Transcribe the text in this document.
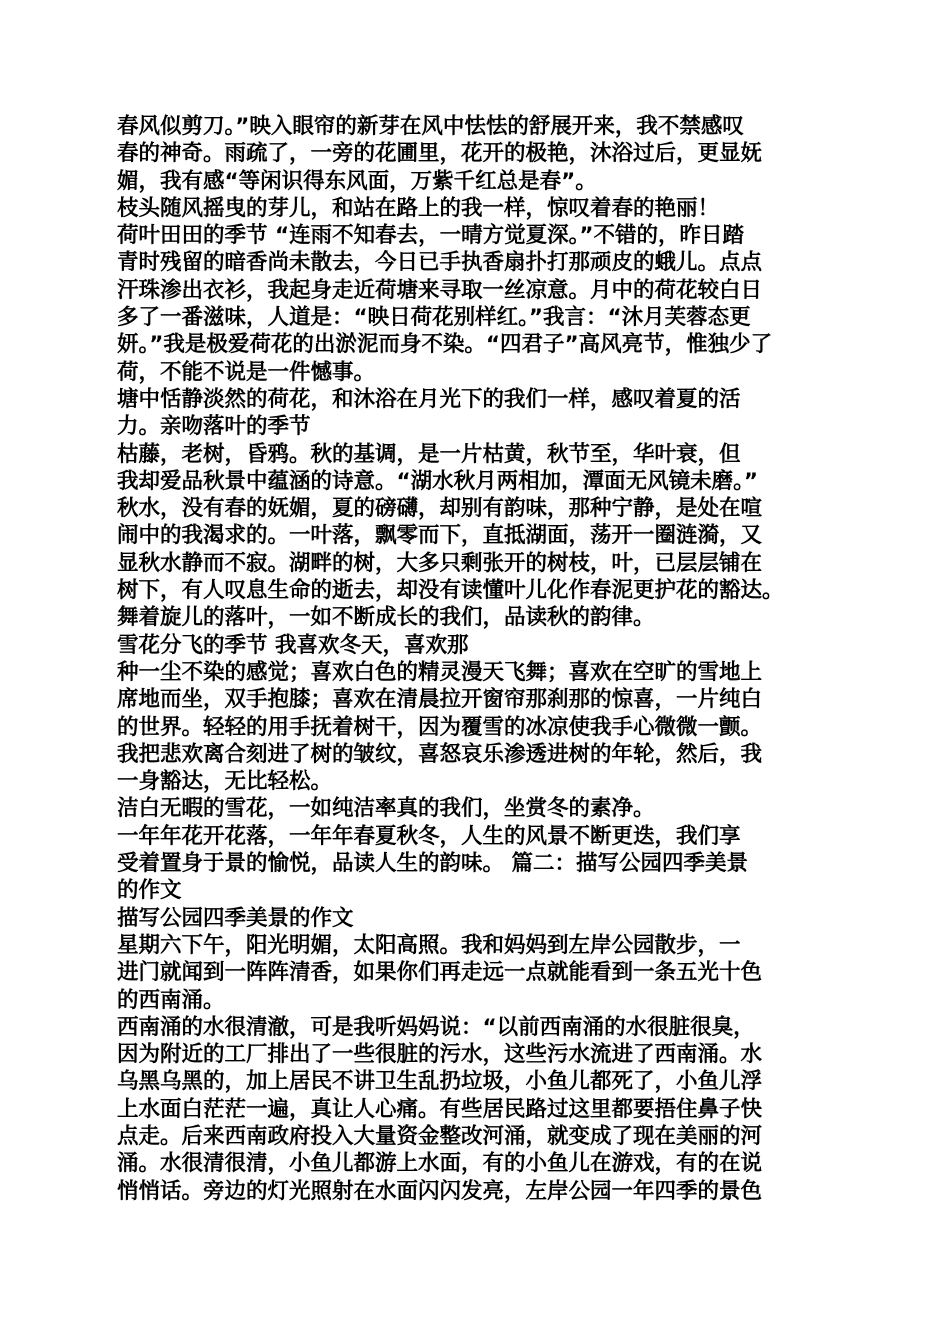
春风似剪刀。”映入眼帘的新芽在风中怯怯的舒展开来，我不禁感叹
春的神奇。雨疏了，一旁的花圃里，花开的极艳，沐浴过后，更显妩
媚，我有感“等闲识得东风面，万紫千红总是春”。
枝头随风摇曳的芽儿，和站在路上的我一样，惊叹着春的艳丽！
荷叶田田的季节 “连雨不知春去，一晴方觉夏深。”不错的，昨日踏
青时残留的暗香尚未散去，今日已手执香扇扑打那顽皮的蛾儿。点点
汗珠渗出衣衫，我起身走近荷塘来寻取一丝凉意。月中的荷花较白日
多了一番滋味，人道是：“映日荷花别样红。”我言：“沐月芙蓉态更
妍。”我是极爱荷花的出淤泥而身不染。“四君子”高风亮节，惟独少了
荷，不能不说是一件憾事。
塘中恬静淡然的荷花，和沐浴在月光下的我们一样，感叹着夏的活
力。亲吻落叶的季节
枯藤，老树，昏鸦。秋的基调，是一片枯黄，秋节至，华叶衰，但
我却爱品秋景中蕴涵的诗意。“湖水秋月两相加，潭面无风镜未磨。”
秋水，没有春的妩媚，夏的磅礴，却别有韵味，那种宁静，是处在喧
闹中的我渴求的。一叶落，飘零而下，直抵湖面，荡开一圈涟漪，又
显秋水静而不寂。湖畔的树，大多只剩张开的树枝，叶，已层层铺在
树下，有人叹息生命的逝去，却没有读懂叶儿化作春泥更护花的豁达。
舞着旋儿的落叶，一如不断成长的我们，品读秋的韵律。
雪花分飞的季节 我喜欢冬天，喜欢那
种一尘不染的感觉；喜欢白色的精灵漫天飞舞；喜欢在空旷的雪地上
席地而坐，双手抱膝；喜欢在清晨拉开窗帘那刹那的惊喜，一片纯白
的世界。轻轻的用手抚着树干，因为覆雪的冰凉使我手心微微一颤。
我把悲欢离合刻进了树的皱纹，喜怒哀乐渗透进树的年轮，然后，我
一身豁达，无比轻松。
洁白无暇的雪花，一如纯洁率真的我们，坐赏冬的素净。
一年年花开花落，一年年春夏秋冬，人生的风景不断更迭，我们享
受着置身于景的愉悦，品读人生的韵味。 篇二：描写公园四季美景
的作文
描写公园四季美景的作文
星期六下午，阳光明媚，太阳高照。我和妈妈到左岸公园散步，一
进门就闻到一阵阵清香，如果你们再走远一点就能看到一条五光十色
的西南涌。
西南涌的水很清澈，可是我听妈妈说：“以前西南涌的水很脏很臭，
因为附近的工厂排出了一些很脏的污水，这些污水流进了西南涌。水
乌黑乌黑的，加上居民不讲卫生乱扔垃圾，小鱼儿都死了，小鱼儿浮
上水面白茫茫一遍，真让人心痛。有些居民路过这里都要捂住鼻子快
点走。后来西南政府投入大量资金整改河涌，就变成了现在美丽的河
涌。水很清很清，小鱼儿都游上水面，有的小鱼儿在游戏，有的在说
悄悄话。旁边的灯光照射在水面闪闪发亮，左岸公园一年四季的景色
